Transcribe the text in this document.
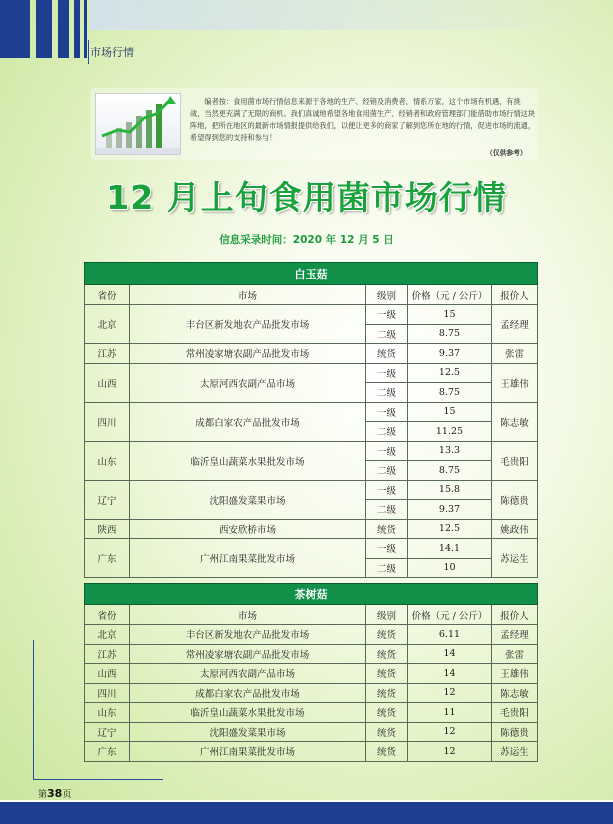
市场行情
编者按：食用菌市场行情信息来源于各地的生产、经销及消费者，情系万家。这个市场有机遇、有挑战，当然更充满了无限的商机。我们真诚地希望各地食用菌生产、经销者和政府管理部门能借助市场行情这块阵地，把所在地区的最新市场情报提供给我们，以便让更多的商家了解到您所在地的行情，促进市场的流通，希望得到您的支持和参与！
（仅供参考）
12 月上旬食用菌市场行情
信息采录时间：2020 年 12 月 5 日
白玉菇				
省份	市场	级别	价格（元 / 公斤）	报价人
北京	丰台区新发地农产品批发市场	一级	15	孟经理
		二级	8.75	
江苏	常州凌家塘农副产品批发市场	统货	9.37	张雷
山西	太原河西农副产品市场	一级	12.5	王雄伟
		二级	8.75	
四川	成都白家农产品批发市场	一级	15	陈志敏
		二级	11.25	
山东	临沂皇山蔬菜水果批发市场	一级	13.3	毛贵阳
		二级	8.75	
辽宁	沈阳盛发菜果市场	一级	15.8	陈德贵
		二级	9.37	
陕西	西安欣桥市场	统货	12.5	姚政伟
广东	广州江南果菜批发市场	一级	14.1	苏运生
		二级	10	
茶树菇				
省份	市场	级别	价格（元 / 公斤）	报价人
北京	丰台区新发地农产品批发市场	统货	6.11	孟经理
江苏	常州凌家塘农副产品批发市场	统货	14	张雷
山西	太原河西农副产品市场	统货	14	王雄伟
四川	成都白家农产品批发市场	统货	12	陈志敏
山东	临沂皇山蔬菜水果批发市场	统货	11	毛贵阳
辽宁	沈阳盛发菜果市场	统货	12	陈德贵
广东	广州江南果菜批发市场	统货	12	苏运生
第38页
